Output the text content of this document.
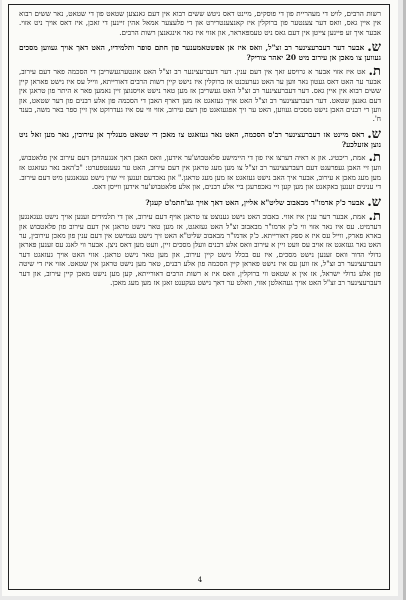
רשות הרבים, לויט די מעהריית פון די פוסקים, מיינט דאס ניטש ששים רבוא אין דעם גאנצען שטאט פון די שטאט, נאר ששים רבוא אין איין גאס, וואס דער צענטער פון ברוקלין איז קאנצענטרירט און די פלעצער אמאל אהין זיינען די זאכן, איז דאס אויך ניט אזוי. אבער איך זע פיינען צייטן אין דעם גאס ניט טעמפּאראר, און אזוי איז גאר אינגאנצן רשות הרבים.

ש.אבער דער דעברעצינער רב זצ"ל, וואס איז אן אפשטאמענער פון חתם סופר ותלמידיו, האט דאך אויך געווען מסכים געווען צו מאכן אן עירוב מיט 20 יאהר צוריק?

ת.אט איז אזוי אבער א גרויסע זאך אין דעם ענין. דער דעברעצינער רב זצ"ל האט אונטערגעשריבן די הסכמה פאר דעם עירוב, אבער ער האט דאס געטון נאר ווען ער האט גערעכנט אז ברוקלין איז נישט קיין רשות הרבים דאורייתא, ווייל עס איז נישט פאראן קיין ששים רבוא אין איין גאס. דער דעברעצינער רב זצ"ל האט געשריבן אז מען טאר נישט אויסנוצן זיין נאמען פאר א היתר פון טראגן אין דעם גאנצן שטאט. דער דעברעצינער רב זצ"ל האט אויך געזאגט אז מען דארף האבן די הסכמה פון אלע רבנים פון דער שטאט, און ווען די רבנים האבן נישט מסכים געווען, האט ער זיך אפגעזאגט פון דעם עירוב, אזוי ווי עס איז געדרוקט אין זיין ספר באר משה, בענד ח'.

ש.דאס מיינט אז דעברעצינער רב'ס הסכמה, האט נאר געזאגט צו מאכן די שטאט מעגליך אן עירובין, נאר מען זאל ניט נוצן אזעלכע?

ת.אמת, ריכטיג. און א ראיה דערצו איז פון די היימישע פלאטבוש'ער אידען, וואס האבן דאך אנגעהויבן דעם עירוב אין פלאטבוש, ווען זיי האבן געפרעגט דעם דעברעצינער רב זצ"ל צו מען מעג טראגן אין דעם עירוב, האט ער געענטפערט: "כ'האב נאר געזאגט אז מען מעג מאכן א עירוב, אבער איך האב נישט געזאגט אז מען מעג טראגן." און נאכדעם זענען זיי שוין נישט געגאנגען מיט דעם עירוב. די ענינים זענען באקאנט און מען קען זיי נאכפרעגן ביי אלע רבנים, און אלע פלאטבוש'ער אידען ווייסן דאס.

ש.אבער כ'ק אדמו"ר מבאבוב שליט"א אליין, האט דאך אויך גע'חתמ'ט קעגן?

ת.אמת, אבער דער ענין איז אזוי. באבוב האט נישט גענוצט צו טראגן אויף דעם עירוב, און די תלמידים זענען אויך נישט געגאנגען דערמיט. עס איז נאר אזוי ווי כ'ק אדמו"ר מבאבוב זצ"ל האט געזאגט, אז מען טאר נישט טראגן אין דעם עירוב פון פלאטבוש און בארא פארק, ווייל עס איז א ספק דאורייתא. כ'ק אדמו"ר מבאבוב שליט"א האט זיך נישט געמישט אין דעם ענין פון מאכן עירובין, ער האט נאר געזאגט אז אויב עס וועט זיין א עירוב וואס אלע רבנים וועלן מסכים זיין, וועט מען דאס ניצן. אבער ווי לאנג עס זענען פאראן גדולי הדור וואס זענען נישט מסכים, איז עס בכלל נישט קיין עירוב, און מען טאר נישט טראגן. אזוי האט אויך געזאגט דער דעברעצינער רב זצ"ל, אז ווען עס איז נישט פאראן קיין הסכמה פון אלע רבנים, טאר מען נישט טראגן אין שטאט. אזוי איז די שיטה פון אלע גדולי ישראל, אז אין א שטאט ווי ברוקלין, וואס איז א רשות הרבים דאורייתא, קען מען נישט מאכן קיין עירוב, און דער דעברעצינער רב זצ"ל האט אויך געהאלטן אזוי, וואלט ער דאך נישט געקענט זאגן אז מען מעג מאכן.

4
